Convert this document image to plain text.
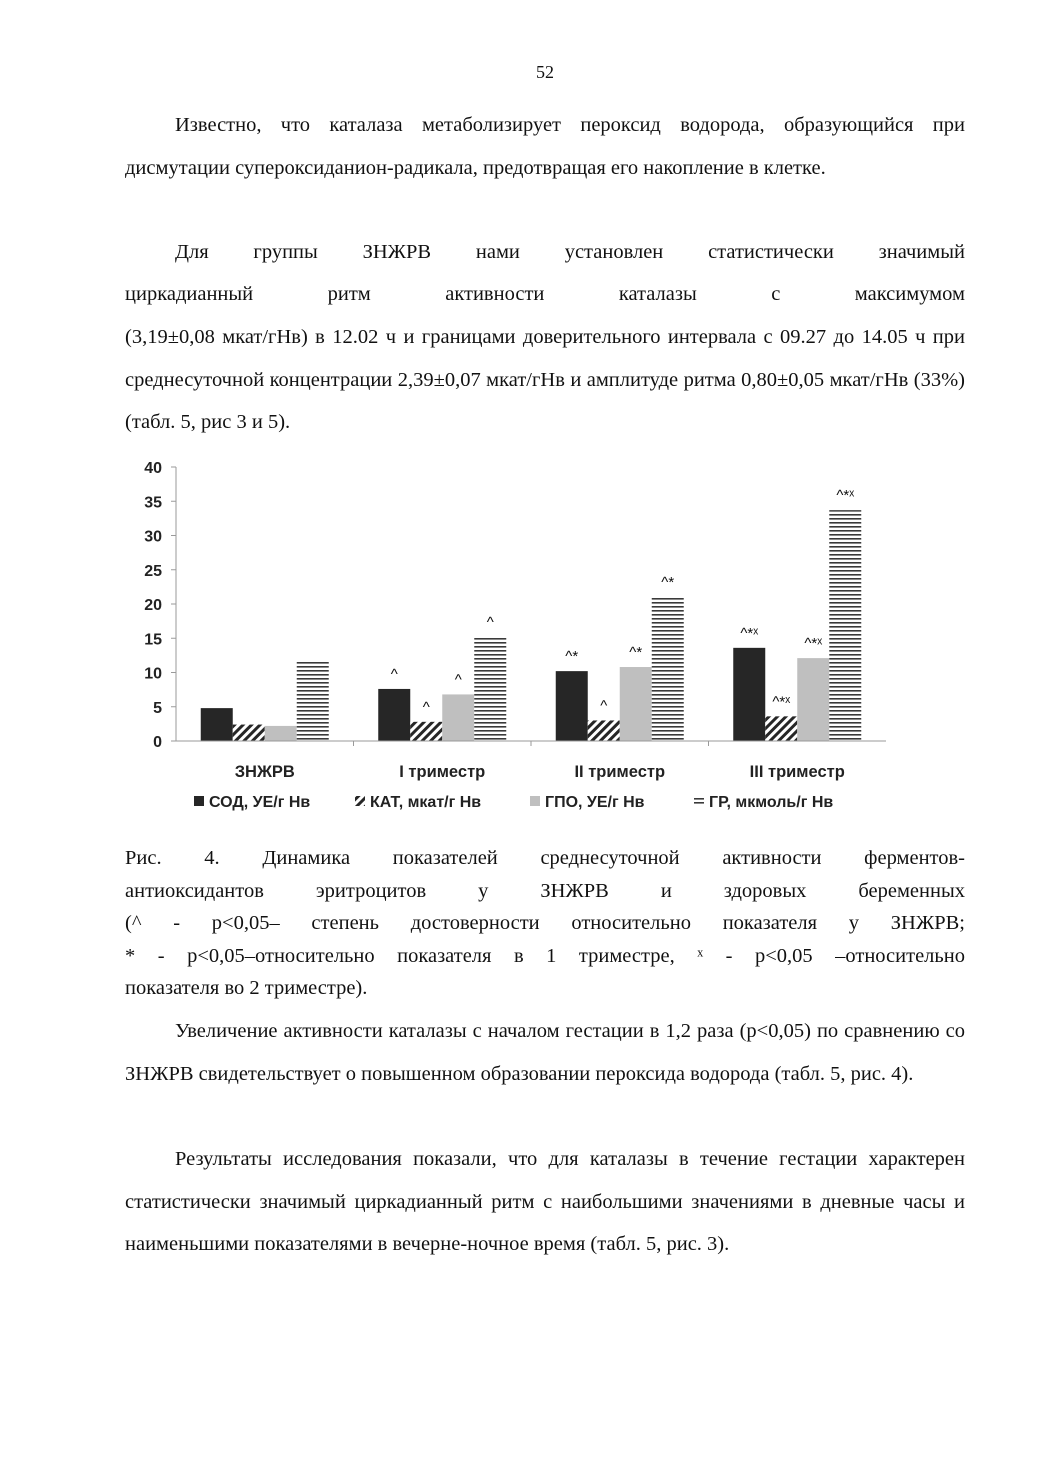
52

Известно, что каталаза метаболизирует пероксид водорода, образующийся при дисмутации супероксиданион-радикала, предотвращая его накопление в клетке.

Для группы ЗНЖРВ нами установлен статистически значимый

циркадианный ритм активности каталазы с максимумом

(3,19±0,08 мкат/гНв) в 12.02 ч и границами доверительного интервала с 09.27 до 14.05 ч при среднесуточной концентрации 2,39±0,07 мкат/гНв и амплитуде ритма 0,80±0,05 мкат/гНв (33%) (табл. 5, рис 3 и 5).

0
5
10
15
20
25
30
35
40
^
^
^
^
^*
^
^*
^*
^*ˣ
^*ˣ
^*ˣ
^*ˣ
ЗНЖРВ	I триместр	II триместр	III триместр
СОД, УЕ/г Нв	КАТ, мкат/г Нв	ГПО, УЕ/г Нв	ГР, мкмоль/г Нв
Рис. 4. Динамика показателей среднесуточной активности ферментов-
антиоксидантов эритроцитов у ЗНЖРВ и здоровых беременных
(^ - р<0,05– степень достоверности относительно показателя у ЗНЖРВ;
* - р<0,05–относительно показателя в 1 триместре, ˣ - р<0,05 –относительно
показателя во 2 триместре).

Увеличение активности каталазы с началом гестации в 1,2 раза (р<0,05) по сравнению со ЗНЖРВ свидетельствует о повышенном образовании пероксида водорода (табл. 5, рис. 4).

Результаты исследования показали, что для каталазы в течение гестации характерен статистически значимый циркадианный ритм с наибольшими значениями в дневные часы и наименьшими показателями в вечерне-ночное время (табл. 5, рис. 3).
